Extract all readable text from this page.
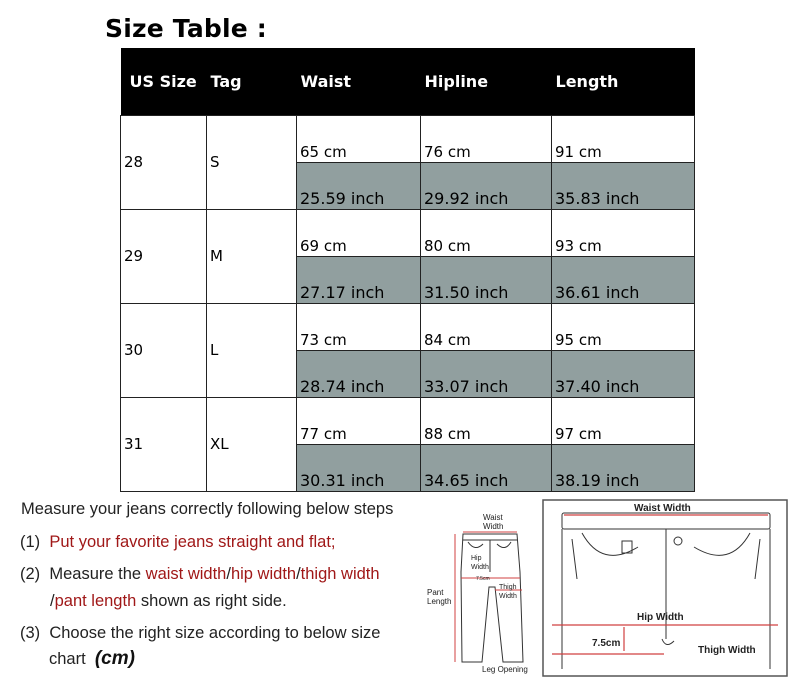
Size Table :
US Size	Tag	Waist	Hipline	Length
28	S	65 cm	76 cm	91 cm
		25.59 inch	29.92 inch	35.83 inch
29	M	69 cm	80 cm	93 cm
		27.17 inch	31.50 inch	36.61 inch
30	L	73 cm	84 cm	95 cm
		28.74 inch	33.07 inch	37.40 inch
31	XL	77 cm	88 cm	97 cm
		30.31 inch	34.65 inch	38.19 inch
Measure your jeans correctly following below steps
(1) Put your favorite jeans straight and flat;
(2) Measure the waist width/hip width/thigh width
/pant length shown as right side.
(3) Choose the right size according to below size
chart (cm)
Waist
Width
Hip
Width
7.5cm
Thigh
Width
Pant
Length
Leg Opening
Waist Width
Hip Width
7.5cm
Thigh Width
